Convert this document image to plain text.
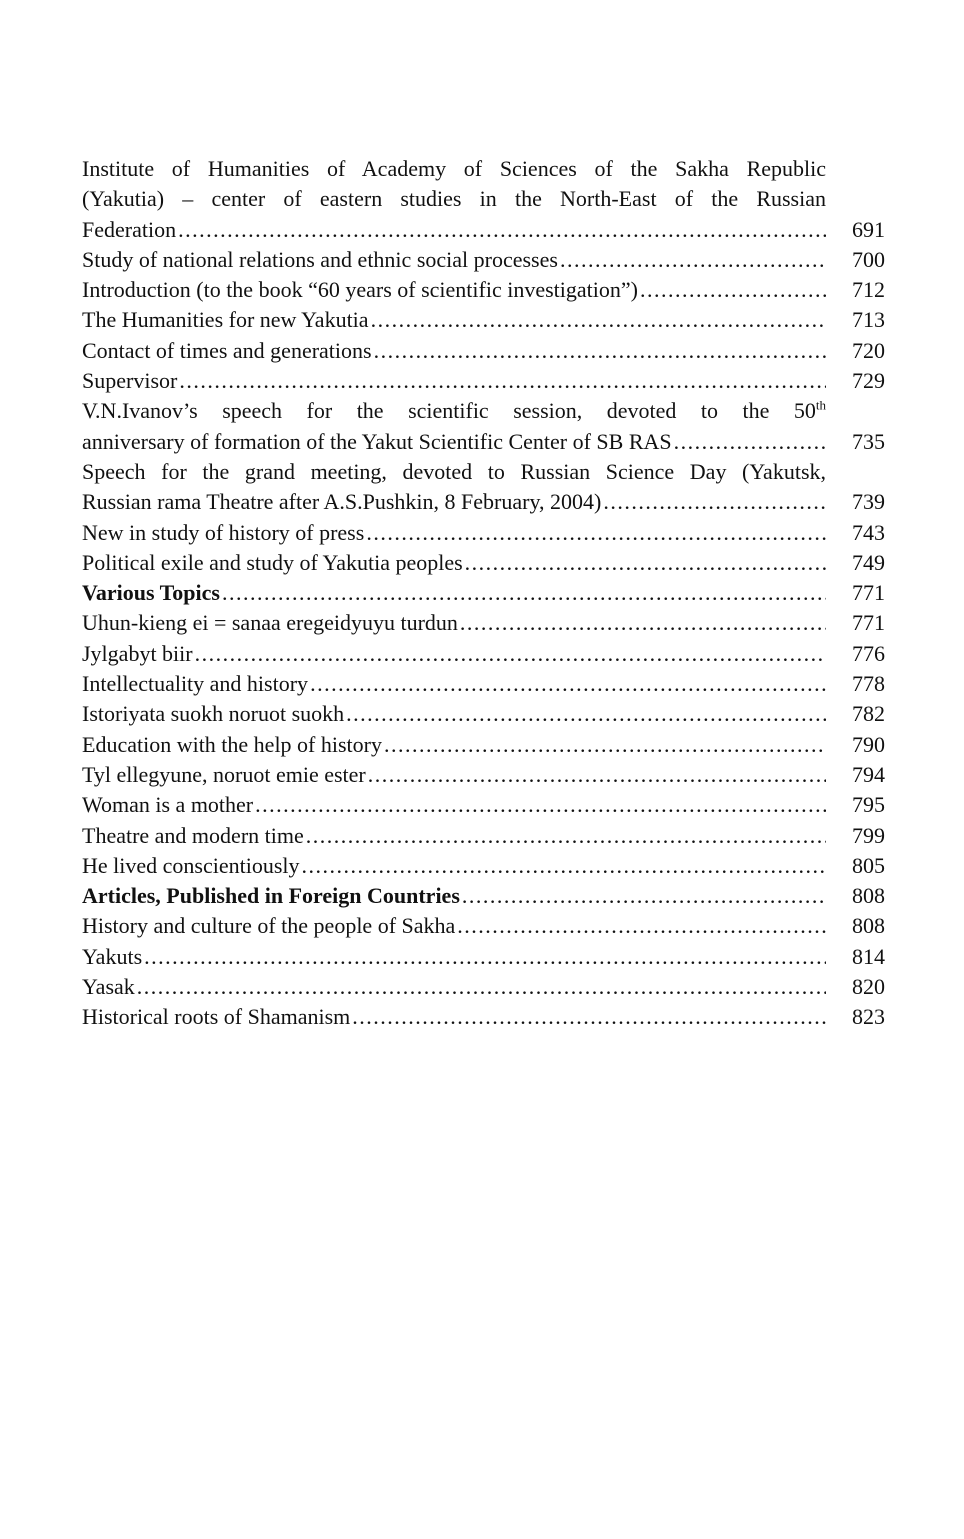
Institute of Humanities of Academy of Sciences of the Sakha Republic
(Yakutia) – center of eastern studies in the North-East of the Russian
Federation .....	691
Study of national relations and ethnic social processes .....	700
Introduction (to the book “60 years of scientific investigation”) .....	712
The Humanities for new Yakutia .....	713
Contact of times and generations .....	720
Supervisor .....	729
V.N.Ivanov’s speech for the scientific session, devoted to the 50th
anniversary of formation of the Yakut Scientific Center of SB RAS .....	735
Speech for the grand meeting, devoted to Russian Science Day (Yakutsk,
Russian rama Theatre after A.S.Pushkin, 8 February, 2004) .....	739
New in study of history of press .....	743
Political exile and study of Yakutia peoples .....	749
Various Topics .....	771
Uhun-kieng ei = sanaa eregeidyuyu turdun .....	771
Jylgabyt biir .....	776
Intellectuality and history .....	778
Istoriyata suokh noruot suokh .....	782
Education with the help of history .....	790
Tyl ellegyune, noruot emie ester .....	794
Woman is a mother .....	795
Theatre and modern time .....	799
He lived conscientiously .....	805
Articles, Published in Foreign Countries .....	808
History and culture of the people of Sakha .....	808
Yakuts .....	814
Yasak .....	820
Historical roots of Shamanism .....	823
